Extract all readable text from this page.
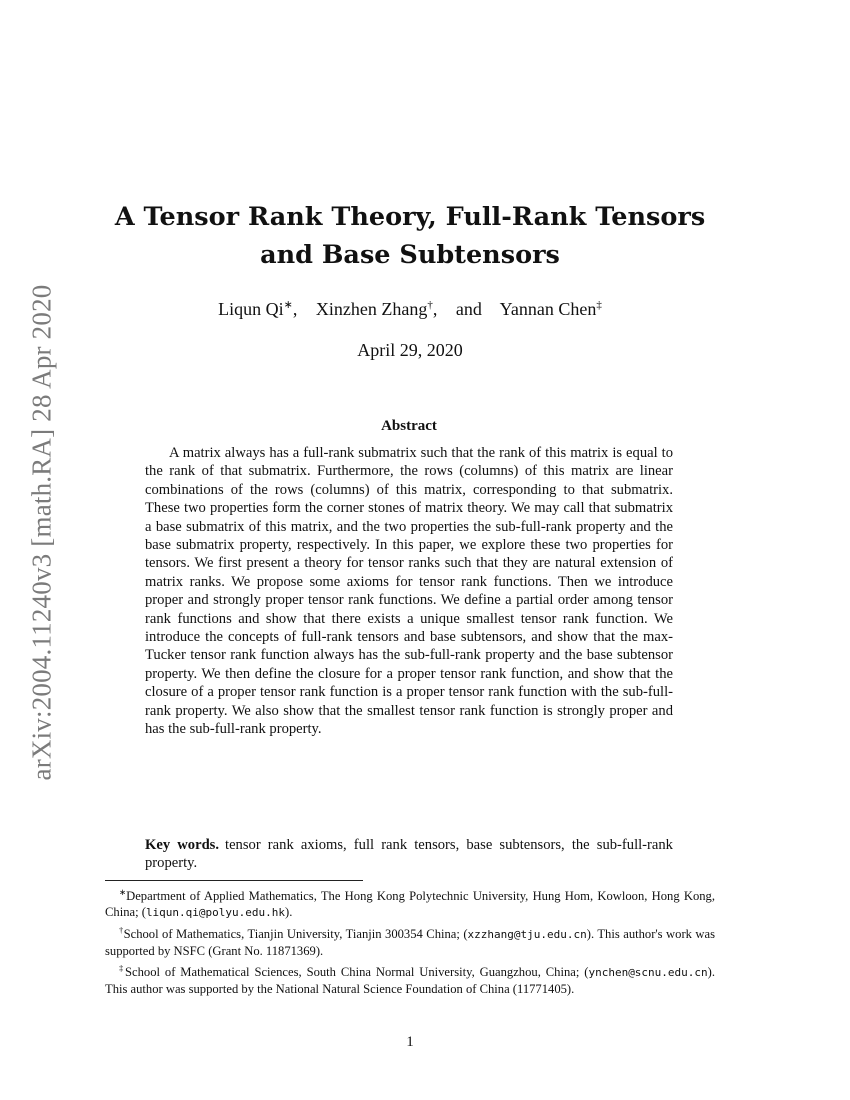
arXiv:2004.11240v3 [math.RA] 28 Apr 2020
A Tensor Rank Theory, Full-Rank Tensors
and Base Subtensors
Liqun Qi∗, Xinzhen Zhang†, and Yannan Chen‡
April 29, 2020
Abstract

A matrix always has a full-rank submatrix such that the rank of this matrix is equal to the rank of that submatrix. Furthermore, the rows (columns) of this matrix are linear combinations of the rows (columns) of this matrix, corresponding to that submatrix. These two properties form the corner stones of matrix theory. We may call that submatrix a base submatrix of this matrix, and the two properties the sub-full-rank property and the base submatrix property, respectively. In this paper, we explore these two properties for tensors. We first present a theory for tensor ranks such that they are natural extension of matrix ranks. We propose some axioms for tensor rank functions. Then we introduce proper and strongly proper tensor rank functions. We define a partial order among tensor rank functions and show that there exists a unique smallest tensor rank function. We introduce the concepts of full-rank tensors and base subtensors, and show that the max-Tucker tensor rank function always has the sub-full-rank property and the base subtensor property. We then define the closure for a proper tensor rank function, and show that the closure of a proper tensor rank function is a proper tensor rank function with the sub-full-rank property. We also show that the smallest tensor rank function is strongly proper and has the sub-full-rank property.

Key words. tensor rank axioms, full rank tensors, base subtensors, the sub-full-rank property.

∗Department of Applied Mathematics, The Hong Kong Polytechnic University, Hung Hom, Kowloon, Hong Kong, China; (liqun.qi@polyu.edu.hk).

†School of Mathematics, Tianjin University, Tianjin 300354 China; (xzzhang@tju.edu.cn). This author's work was supported by NSFC (Grant No. 11871369).

‡School of Mathematical Sciences, South China Normal University, Guangzhou, China; (ynchen@scnu.edu.cn). This author was supported by the National Natural Science Foundation of China (11771405).

1
